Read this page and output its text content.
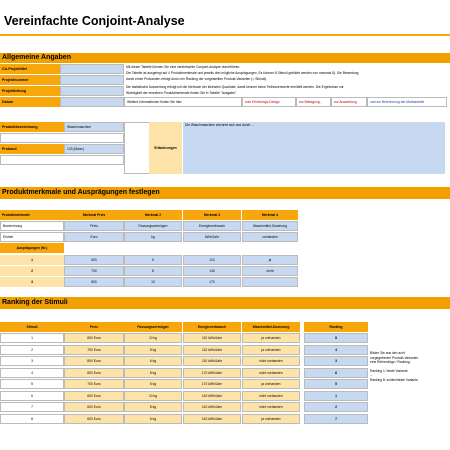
Vereinfachte Conjoint-Analyse
Allgemeine Angaben
CA-Projekttitel
Projektnummer
Projektleitung
Datum
Mit dieser Tabelle können Sie eine vereinfachte Conjoint-Analyse durchführen.
Die Tabelle ist ausgelegt auf 4 Produktmerkmale und jeweils drei mögliche Ausprägungen. Es können 8 Stimuli gebildet werden von maximal 8). Die Bewertung
durch einen Probanden erfolgt durch ein Ranking der vorgestellten Produkt-Varianten (= Stimuli).
Die statistische Auswertung erfolgt mit der Methode der kleinsten Quadrate, damit können keine Teilnutzenwerte ermittelt werden. Die Ergebnisse zur
Wichtigkeit der einzelnen Produktmerkmale finden Sie in Tabelle "Ausgabe".
Weitere Informationen finden Sie hier:	zum Erhebungs-Design,	zur Befragung,	zur Auswertung	und zur Berechnung der Marktanteile.
Produktbezeichnung	Waschmaschine
Proband	123 (Maier)	Erläuterungen
Die Waschmaschine zeichnet sich aus durch ...
Produktmerkmale und Ausprägungen festlegen
Produktmerkmale	Merkmal Preis	Merkmal 2	Merkmal 3	Merkmal 4
Bezeichnung	Preis	Fassungsvermögen	Energieverbrauch	Waschmittel-Dosierung
Einheit	Euro	kg	kWh/Jahr	vorhanden
Ausprägungen (Nr.)
1	600	6	110	ja
2	700	8	140	nicht
3	800	10	170
Ranking der Stimuli
Stimuli	Preis	Fassungsvermögen	Energieverbrauch	Waschmittel-Dosierung	Ranking
1	800 Euro	10 kg	110 kWh/Jahr	ja vorhanden	8
2	700 Euro	8 kg	110 kWh/Jahr	ja vorhanden	4
3	800 Euro	6 kg	110 kWh/Jahr	nicht vorhanden	3
4	800 Euro	8 kg	170 kWh/Jahr	nicht vorhanden	6
5	700 Euro	6 kg	170 kWh/Jahr	ja vorhanden	5
6	600 Euro	10 kg	140 kWh/Jahr	nicht vorhanden	1
7	600 Euro	8 kg	140 kWh/Jahr	nicht vorhanden	2
8	600 Euro	6 kg	140 kWh/Jahr	ja vorhanden	7
Bilden Sie aus den acht
vorgegebenen Produkt-Varianten
eine Reihenfolge / Ranking:
Ranking 1: beste Variante
...
Ranking 8: schlechteste Variante
